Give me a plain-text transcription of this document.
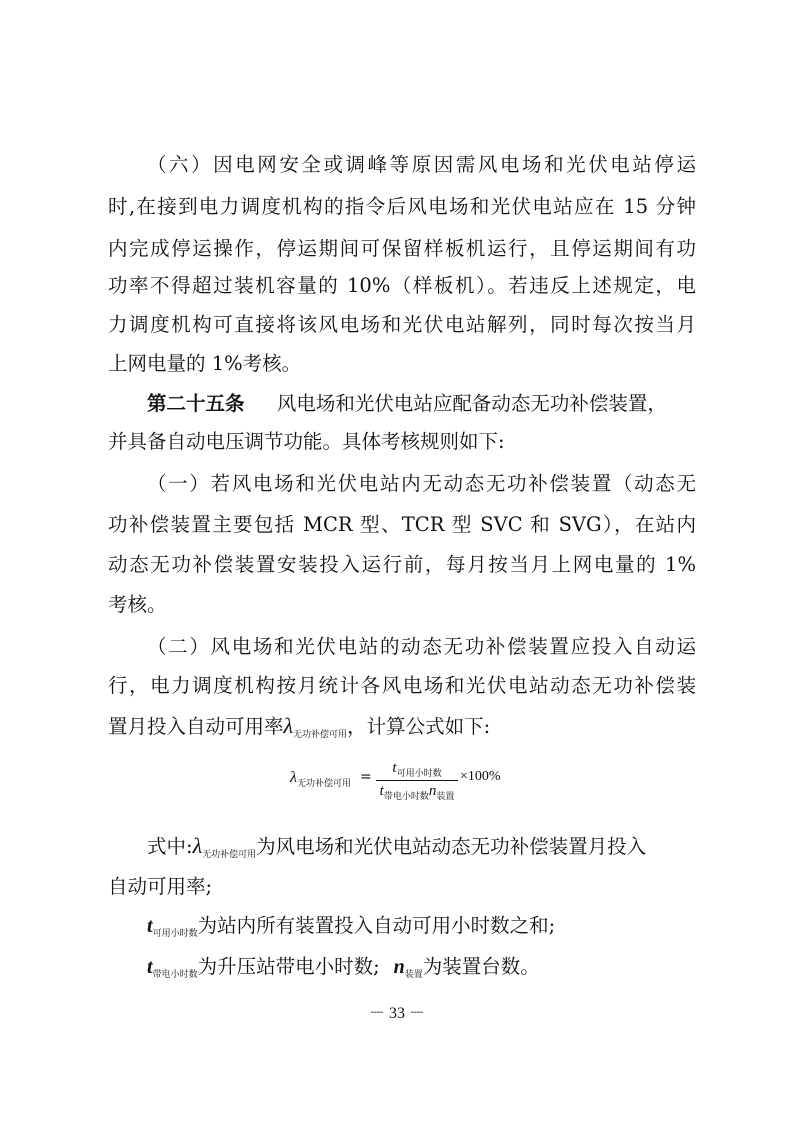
（六）因电网安全或调峰等原因需风电场和光伏电站停运
时,在接到电力调度机构的指令后风电场和光伏电站应在 15 分钟
内完成停运操作，停运期间可保留样板机运行，且停运期间有功
功率不得超过装机容量的 10%（样板机）。若违反上述规定，电
力调度机构可直接将该风电场和光伏电站解列，同时每次按当月
上网电量的 1%考核。
第二十五条 风电场和光伏电站应配备动态无功补偿装置，
并具备自动电压调节功能。具体考核规则如下:
（一）若风电场和光伏电站内无动态无功补偿装置（动态无
功补偿装置主要包括 MCR 型、TCR 型 SVC 和 SVG），在站内
动态无功补偿装置安装投入运行前，每月按当月上网电量的 1%
考核。
（二）风电场和光伏电站的动态无功补偿装置应投入自动运
行，电力调度机构按月统计各风电场和光伏电站动态无功补偿装
置月投入自动可用率$\lambda_{无功补偿可用}$，计算公式如下:
$\lambda_{无功补偿可用}$ =
$t_{可用小时数}$
$t_{带电小时数}n_{装置}$
×100%
式中$:\lambda_{无功补偿可用}$为风电场和光伏电站动态无功补偿装置月投入
自动可用率;
$t_{可用小时数}$为站内所有装置投入自动可用小时数之和;
$t_{带电小时数}$为升压站带电小时数; $n_{装置}$为装置台数。
－ 33 －
